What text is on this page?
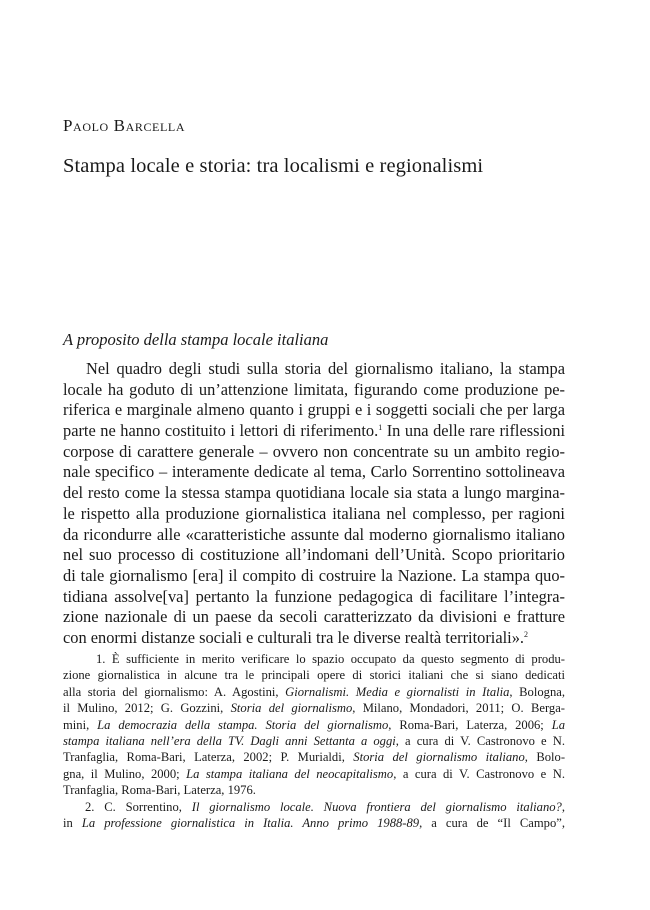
Paolo Barcella
Stampa locale e storia: tra localismi e regionalismi
A proposito della stampa locale italiana
Nel quadro degli studi sulla storia del giornalismo italiano, la stampa
locale ha goduto di un’attenzione limitata, figurando come produzione pe-
riferica e marginale almeno quanto i gruppi e i soggetti sociali che per larga
parte ne hanno costituito i lettori di riferimento.$^1$ In una delle rare riflessioni
corpose di carattere generale – ovvero non concentrate su un ambito regio-
nale specifico – interamente dedicate al tema, Carlo Sorrentino sottolineava
del resto come la stessa stampa quotidiana locale sia stata a lungo margina-
le rispetto alla produzione giornalistica italiana nel complesso, per ragioni
da ricondurre alle «caratteristiche assunte dal moderno giornalismo italiano
nel suo processo di costituzione all’indomani dell’Unità. Scopo prioritario
di tale giornalismo [era] il compito di costruire la Nazione. La stampa quo-
tidiana assolve[va] pertanto la funzione pedagogica di facilitare l’integra-
zione nazionale di un paese da secoli caratterizzato da divisioni e fratture
con enormi distanze sociali e culturali tra le diverse realtà territoriali».$^2$
1. È sufficiente in merito verificare lo spazio occupato da questo segmento di produ-
zione giornalistica in alcune tra le principali opere di storici italiani che si siano dedicati
alla storia del giornalismo: A. Agostini, Giornalismi. Media e giornalisti in Italia, Bologna,
il Mulino, 2012; G. Gozzini, Storia del giornalismo, Milano, Mondadori, 2011; O. Berga-
mini, La democrazia della stampa. Storia del giornalismo, Roma-Bari, Laterza, 2006; La
stampa italiana nell’era della TV. Dagli anni Settanta a oggi, a cura di V. Castronovo e N.
Tranfaglia, Roma-Bari, Laterza, 2002; P. Murialdi, Storia del giornalismo italiano, Bolo-
gna, il Mulino, 2000; La stampa italiana del neocapitalismo, a cura di V. Castronovo e N.
Tranfaglia, Roma-Bari, Laterza, 1976.
2. C. Sorrentino, Il giornalismo locale. Nuova frontiera del giornalismo italiano?,
in La professione giornalistica in Italia. Anno primo 1988-89, a cura de “Il Campo”,
